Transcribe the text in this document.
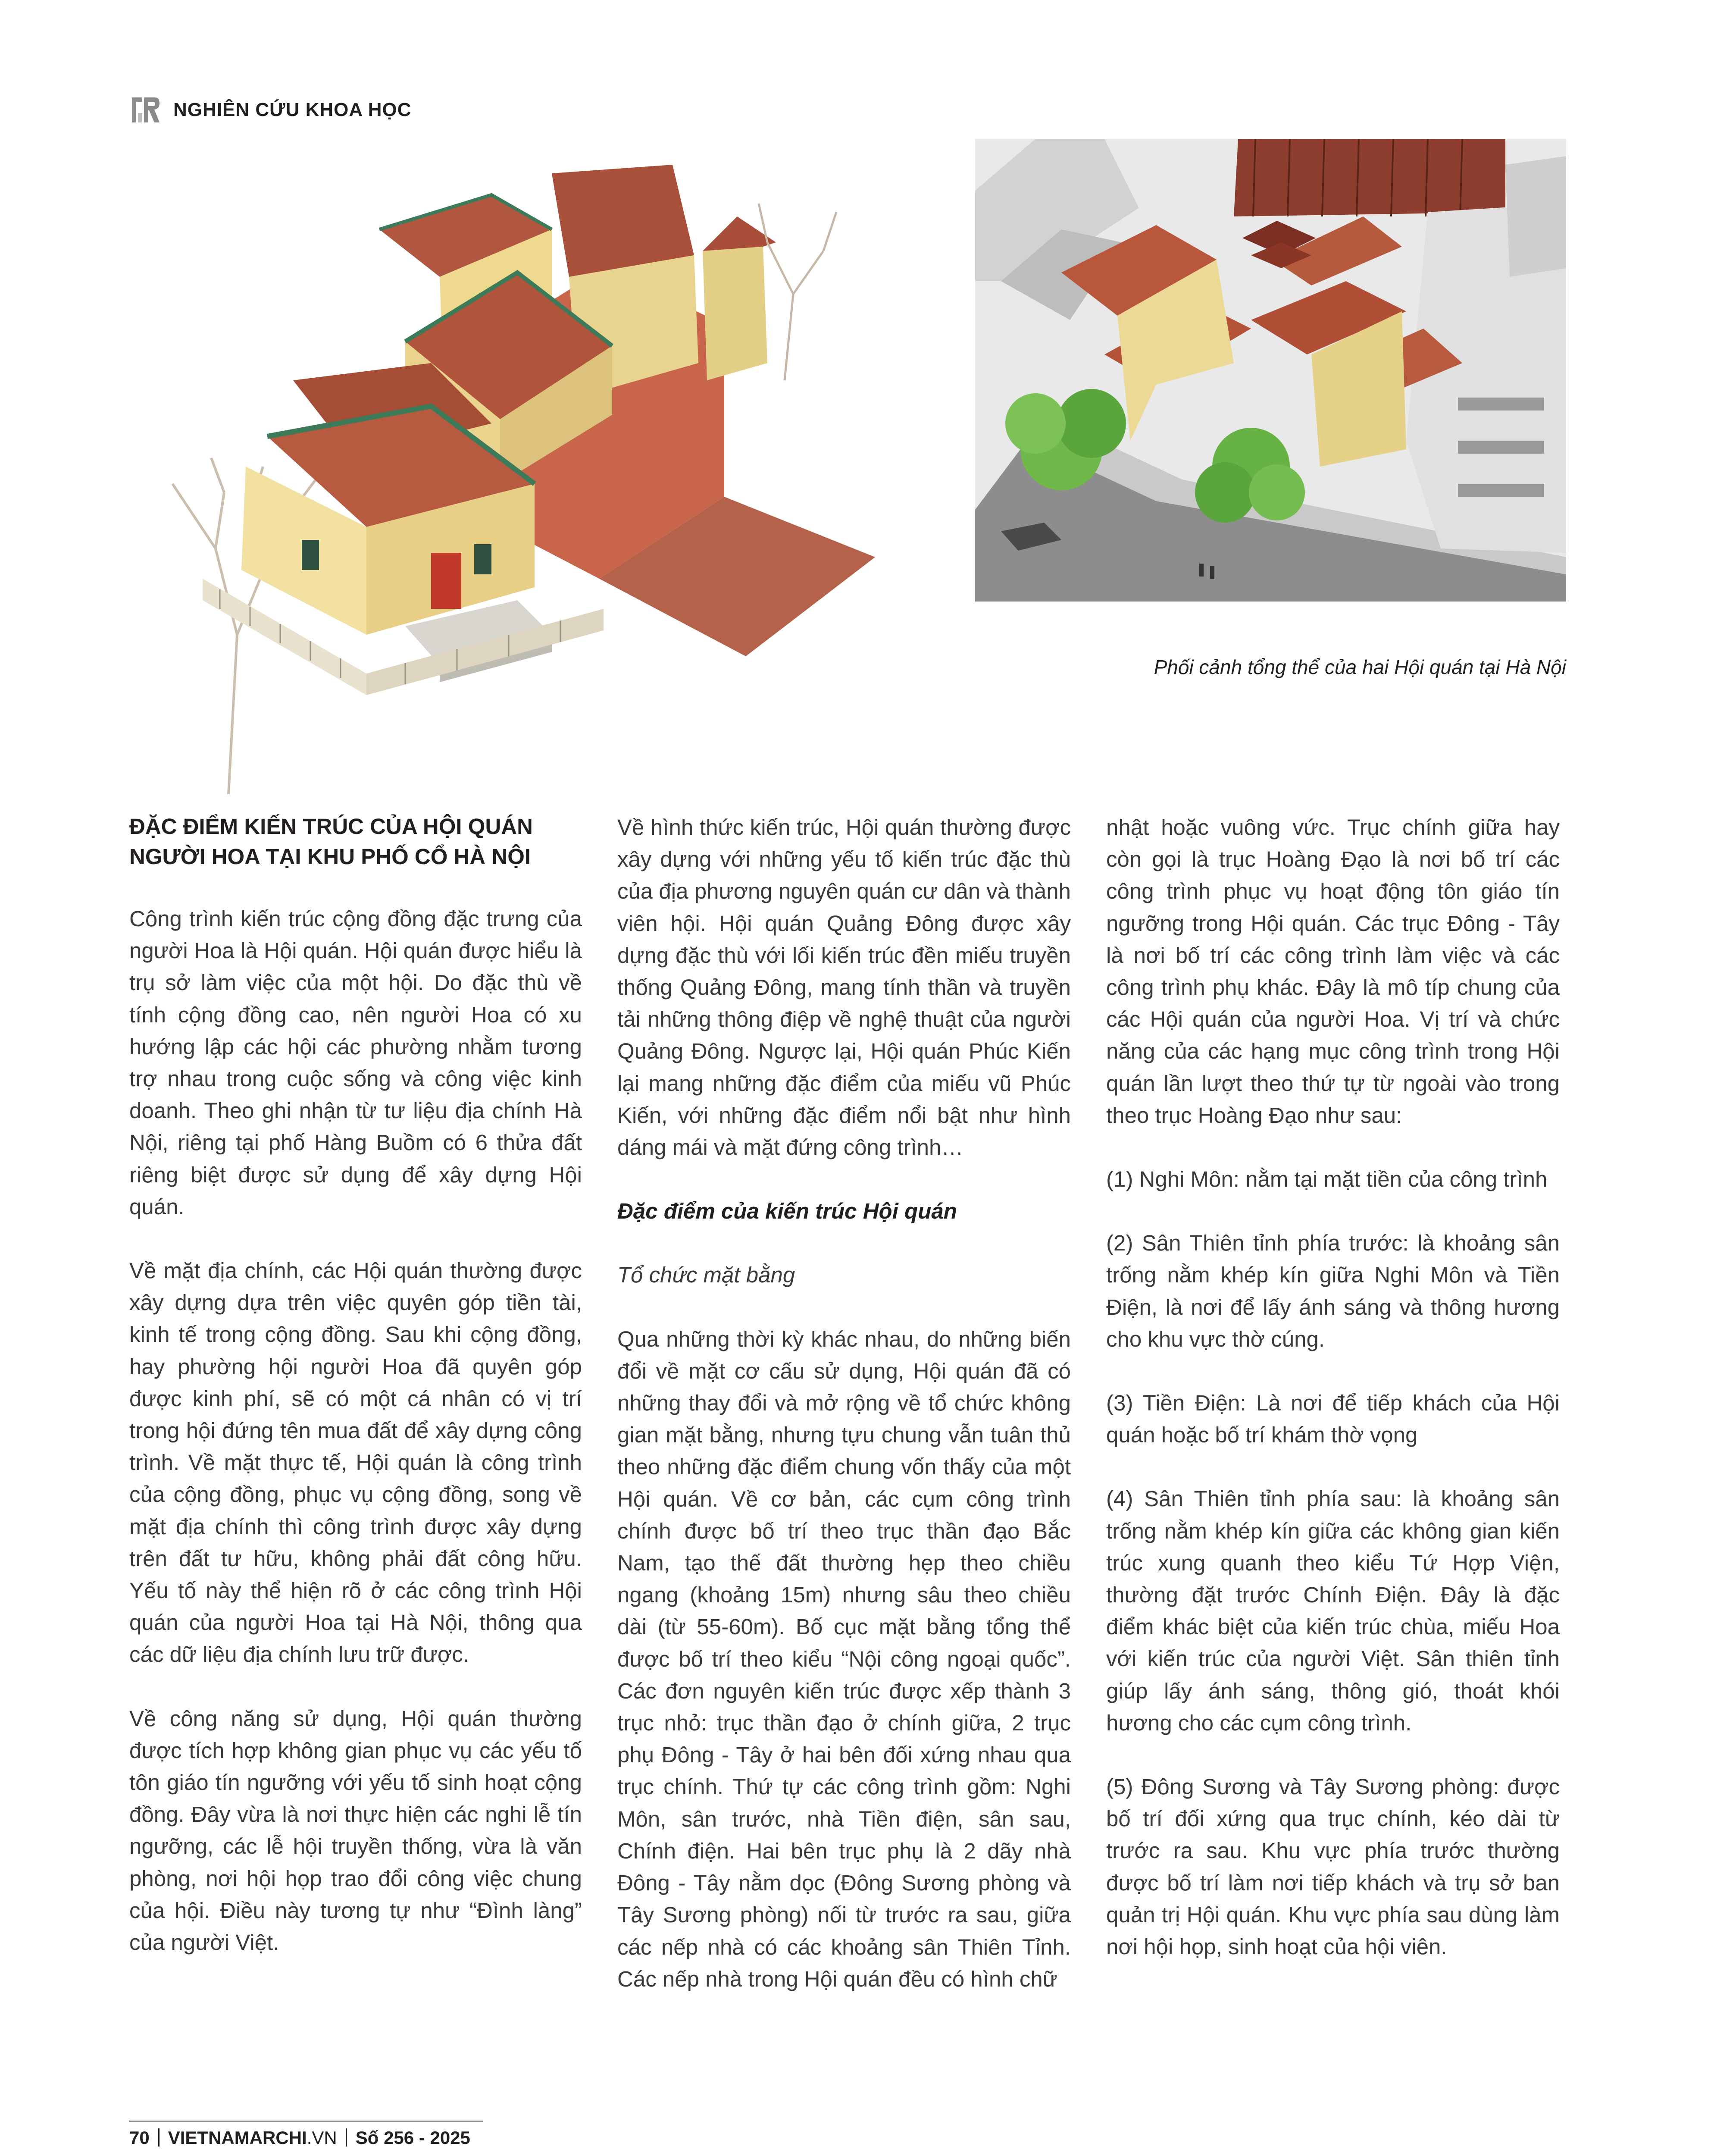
NGHIÊN CỨU KHOA HỌC
Phối cảnh tổng thể của hai Hội quán tại Hà Nội

ĐẶC ĐIỂM KIẾN TRÚC CỦA HỘI QUÁN NGƯỜI HOA TẠI KHU PHỐ CỔ HÀ NỘI

Công trình kiến trúc cộng đồng đặc trưng của người Hoa là Hội quán. Hội quán được hiểu là trụ sở làm việc của một hội. Do đặc thù về tính cộng đồng cao, nên người Hoa có xu hướng lập các hội các phường nhằm tương trợ nhau trong cuộc sống và công việc kinh doanh. Theo ghi nhận từ tư liệu địa chính Hà Nội, riêng tại phố Hàng Buồm có 6 thửa đất riêng biệt được sử dụng để xây dựng Hội quán.

Về mặt địa chính, các Hội quán thường được xây dựng dựa trên việc quyên góp tiền tài, kinh tế trong cộng đồng. Sau khi cộng đồng, hay phường hội người Hoa đã quyên góp được kinh phí, sẽ có một cá nhân có vị trí trong hội đứng tên mua đất để xây dựng công trình. Về mặt thực tế, Hội quán là công trình của cộng đồng, phục vụ cộng đồng, song về mặt địa chính thì công trình được xây dựng trên đất tư hữu, không phải đất công hữu. Yếu tố này thể hiện rõ ở các công trình Hội quán của người Hoa tại Hà Nội, thông qua các dữ liệu địa chính lưu trữ được.

Về công năng sử dụng, Hội quán thường được tích hợp không gian phục vụ các yếu tố tôn giáo tín ngưỡng với yếu tố sinh hoạt cộng đồng. Đây vừa là nơi thực hiện các nghi lễ tín ngưỡng, các lễ hội truyền thống, vừa là văn phòng, nơi hội họp trao đổi công việc chung của hội. Điều này tương tự như “Đình làng” của người Việt.

Về hình thức kiến trúc, Hội quán thường được xây dựng với những yếu tố kiến trúc đặc thù của địa phương nguyên quán cư dân và thành viên hội. Hội quán Quảng Đông được xây dựng đặc thù với lối kiến trúc đền miếu truyền thống Quảng Đông, mang tính thần và truyền tải những thông điệp về nghệ thuật của người Quảng Đông. Ngược lại, Hội quán Phúc Kiến lại mang những đặc điểm của miếu vũ Phúc Kiến, với những đặc điểm nổi bật như hình dáng mái và mặt đứng công trình…

Đặc điểm của kiến trúc Hội quán

Tổ chức mặt bằng

Qua những thời kỳ khác nhau, do những biến đổi về mặt cơ cấu sử dụng, Hội quán đã có những thay đổi và mở rộng về tổ chức không gian mặt bằng, nhưng tựu chung vẫn tuân thủ theo những đặc điểm chung vốn thấy của một Hội quán. Về cơ bản, các cụm công trình chính được bố trí theo trục thần đạo Bắc Nam, tạo thế đất thường hẹp theo chiều ngang (khoảng 15m) nhưng sâu theo chiều dài (từ 55-60m). Bố cục mặt bằng tổng thể được bố trí theo kiểu “Nội công ngoại quốc”. Các đơn nguyên kiến trúc được xếp thành 3 trục nhỏ: trục thần đạo ở chính giữa, 2 trục phụ Đông - Tây ở hai bên đối xứng nhau qua trục chính. Thứ tự các công trình gồm: Nghi Môn, sân trước, nhà Tiền điện, sân sau, Chính điện. Hai bên trục phụ là 2 dãy nhà Đông - Tây nằm dọc (Đông Sương phòng và Tây Sương phòng) nối từ trước ra sau, giữa các nếp nhà có các khoảng sân Thiên Tỉnh. Các nếp nhà trong Hội quán đều có hình chữ

nhật hoặc vuông vức. Trục chính giữa hay còn gọi là trục Hoàng Đạo là nơi bố trí các công trình phục vụ hoạt động tôn giáo tín ngưỡng trong Hội quán. Các trục Đông - Tây là nơi bố trí các công trình làm việc và các công trình phụ khác. Đây là mô típ chung của các Hội quán của người Hoa. Vị trí và chức năng của các hạng mục công trình trong Hội quán lần lượt theo thứ tự từ ngoài vào trong theo trục Hoàng Đạo như sau:

(1) Nghi Môn: nằm tại mặt tiền của công trình

(2) Sân Thiên tỉnh phía trước: là khoảng sân trống nằm khép kín giữa Nghi Môn và Tiền Điện, là nơi để lấy ánh sáng và thông hương cho khu vực thờ cúng.

(3) Tiền Điện: Là nơi để tiếp khách của Hội quán hoặc bố trí khám thờ vọng

(4) Sân Thiên tỉnh phía sau: là khoảng sân trống nằm khép kín giữa các không gian kiến trúc xung quanh theo kiểu Tứ Hợp Viện, thường đặt trước Chính Điện. Đây là đặc điểm khác biệt của kiến trúc chùa, miếu Hoa với kiến trúc của người Việt. Sân thiên tỉnh giúp lấy ánh sáng, thông gió, thoát khói hương cho các cụm công trình.

(5) Đông Sương và Tây Sương phòng: được bố trí đối xứng qua trục chính, kéo dài từ trước ra sau. Khu vực phía trước thường được bố trí làm nơi tiếp khách và trụ sở ban quản trị Hội quán. Khu vực phía sau dùng làm nơi hội họp, sinh hoạt của hội viên.

70 VIETNAMARCHI.VN Số 256 - 2025
